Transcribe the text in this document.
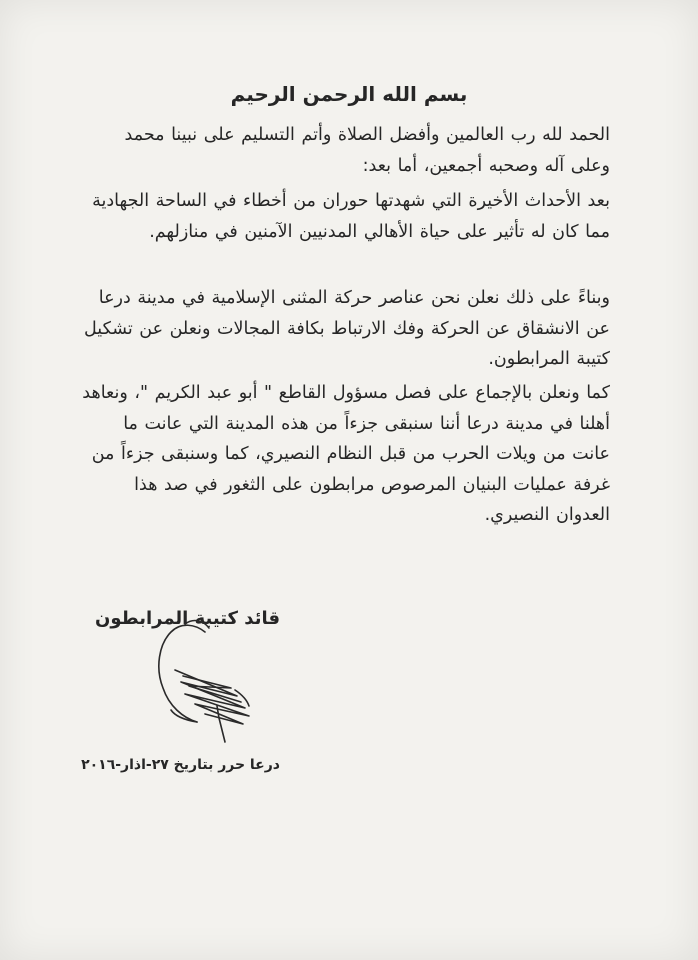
بسم الله الرحمن الرحيم

الحمد لله رب العالمين وأفضل الصلاة وأتم التسليم على نبينا محمد وعلى آله وصحبه أجمعين، أما بعد:

بعد الأحداث الأخيرة التي شهدتها حوران من أخطاء في الساحة الجهادية مما كان له تأثير على حياة الأهالي المدنيين الآمنين في منازلهم.

وبناءً على ذلك نعلن نحن عناصر حركة المثنى الإسلامية في مدينة درعا عن الانشقاق عن الحركة وفك الارتباط بكافة المجالات ونعلن عن تشكيل كتيبة المرابطون.

كما ونعلن بالإجماع على فصل مسؤول القاطع " أبو عبد الكريم "، ونعاهد أهلنا في مدينة درعا أننا سنبقى جزءاً من هذه المدينة التي عانت ما عانت من ويلات الحرب من قبل النظام النصيري، كما وسنبقى جزءاً من غرفة عمليات البنيان المرصوص مرابطون على الثغور في صد هذا العدوان النصيري.

قائد كتيبة المرابطون

درعا حرر بتاريخ ٢٧-اذار-٢٠١٦
